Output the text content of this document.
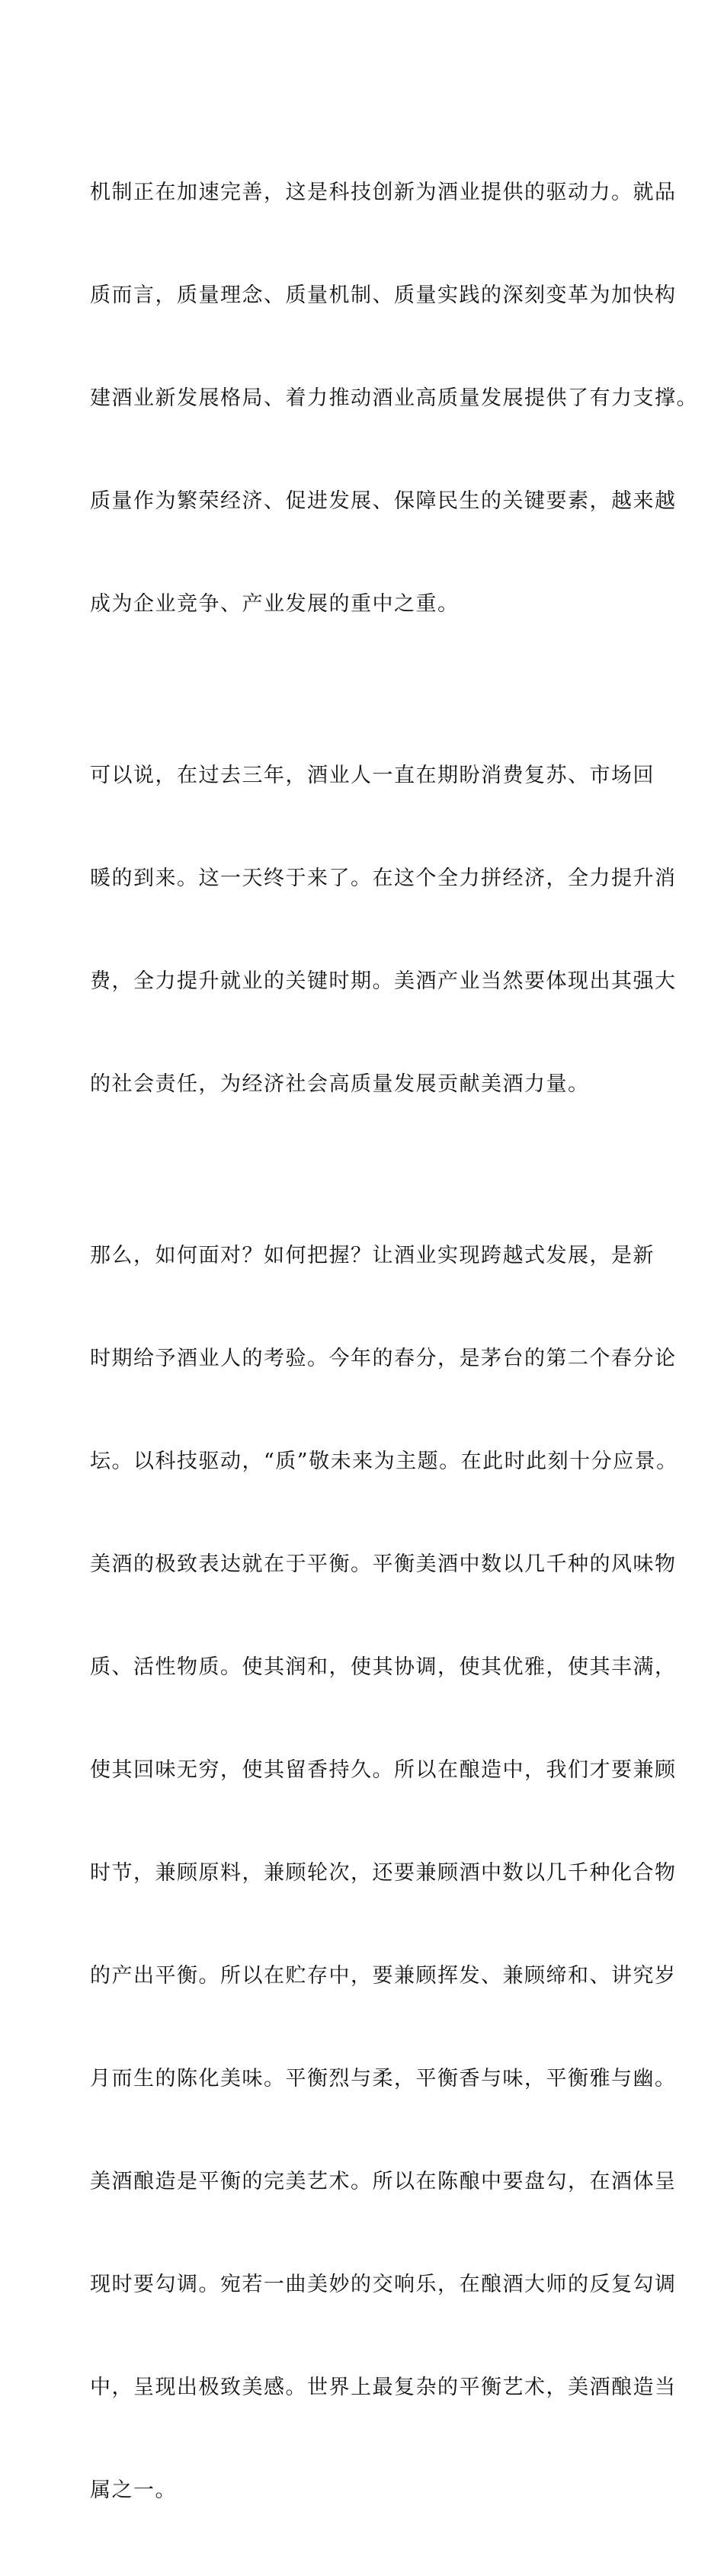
机制正在加速完善，这是科技创新为酒业提供的驱动力。就品

质而言，质量理念、质量机制、质量实践的深刻变革为加快构

建酒业新发展格局、着力推动酒业高质量发展提供了有力支撑。

质量作为繁荣经济、促进发展、保障民生的关键要素，越来越

成为企业竞争、产业发展的重中之重。

可以说，在过去三年，酒业人一直在期盼消费复苏、市场回

暖的到来。这一天终于来了。在这个全力拼经济，全力提升消

费，全力提升就业的关键时期。美酒产业当然要体现出其强大

的社会责任，为经济社会高质量发展贡献美酒力量。

那么，如何面对？如何把握？让酒业实现跨越式发展，是新

时期给予酒业人的考验。今年的春分，是茅台的第二个春分论

坛。以科技驱动，“质”敬未来为主题。在此时此刻十分应景。

美酒的极致表达就在于平衡。平衡美酒中数以几千种的风味物

质、活性物质。使其润和，使其协调，使其优雅，使其丰满，

使其回味无穷，使其留香持久。所以在酿造中，我们才要兼顾

时节，兼顾原料，兼顾轮次，还要兼顾酒中数以几千种化合物

的产出平衡。所以在贮存中，要兼顾挥发、兼顾缔和、讲究岁

月而生的陈化美味。平衡烈与柔，平衡香与味，平衡雅与幽。

美酒酿造是平衡的完美艺术。所以在陈酿中要盘勾，在酒体呈

现时要勾调。宛若一曲美妙的交响乐，在酿酒大师的反复勾调

中，呈现出极致美感。世界上最复杂的平衡艺术，美酒酿造当

属之一。
